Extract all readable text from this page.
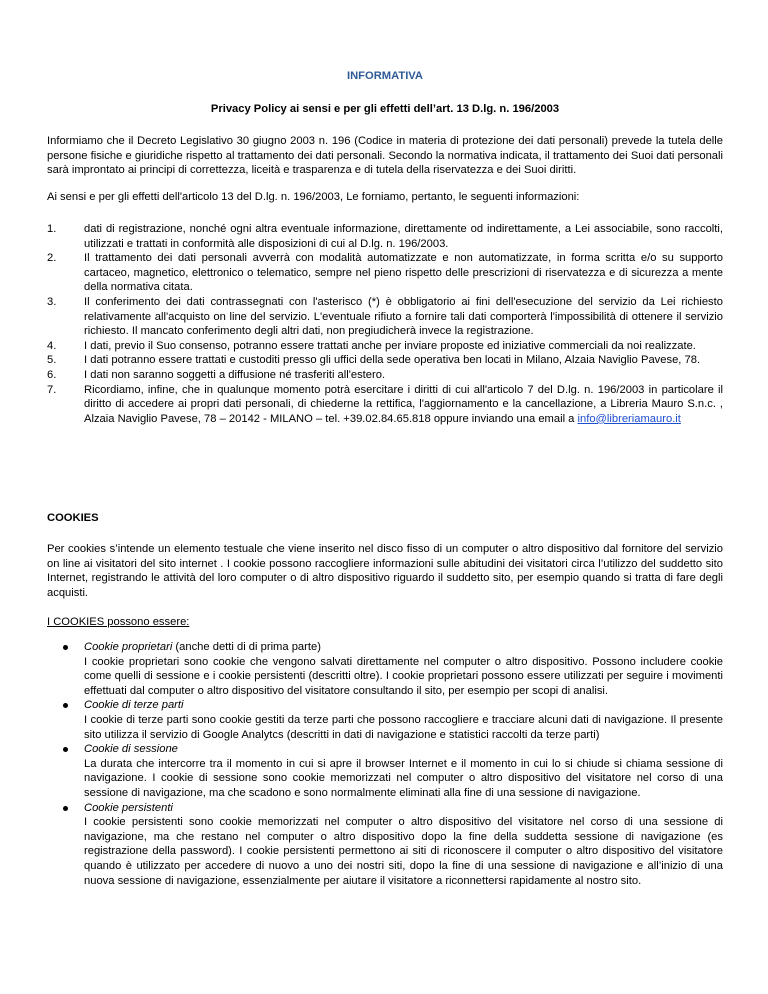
INFORMATIVA

Privacy Policy ai sensi e per gli effetti dell’art. 13 D.lg. n. 196/2003

Informiamo che il Decreto Legislativo 30 giugno 2003 n. 196 (Codice in materia di protezione dei dati personali) prevede la tutela delle persone fisiche e giuridiche rispetto al trattamento dei dati personali. Secondo la normativa indicata, il trattamento dei Suoi dati personali sarà improntato ai principi di correttezza, liceità e trasparenza e di tutela della riservatezza e dei Suoi diritti.

Ai sensi e per gli effetti dell'articolo 13 del D.lg. n. 196/2003, Le forniamo, pertanto, le seguenti informazioni:

1. dati di registrazione, nonché ogni altra eventuale informazione, direttamente od indirettamente, a Lei associabile, sono raccolti, utilizzati e trattati in conformità alle disposizioni di cui al D.lg. n. 196/2003.
2. Il trattamento dei dati personali avverrà con modalità automatizzate e non automatizzate, in forma scritta e/o su supporto cartaceo, magnetico, elettronico o telematico, sempre nel pieno rispetto delle prescrizioni di riservatezza e di sicurezza a mente della normativa citata.
3. Il conferimento dei dati contrassegnati con l'asterisco (*) è obbligatorio ai fini dell'esecuzione del servizio da Lei richiesto relativamente all'acquisto on line del servizio. L'eventuale rifiuto a fornire tali dati comporterà l'impossibilità di ottenere il servizio richiesto. Il mancato conferimento degli altri dati, non pregiudicherà invece la registrazione.
4. I dati, previo il Suo consenso, potranno essere trattati anche per inviare proposte ed iniziative commerciali da noi realizzate.
5. I dati potranno essere trattati e custoditi presso gli uffici della sede operativa ben locati in Milano, Alzaia Naviglio Pavese, 78.
6. I dati non saranno soggetti a diffusione né trasferiti all'estero.
7. Ricordiamo, infine, che in qualunque momento potrà esercitare i diritti di cui all'articolo 7 del D.lg. n. 196/2003 in particolare il diritto di accedere ai propri dati personali, di chiederne la rettifica, l'aggiornamento e la cancellazione, a Libreria Mauro S.n.c. , Alzaia Naviglio Pavese, 78 – 20142 - MILANO – tel. +39.02.84.65.818 oppure inviando una email a info@libreriamauro.it

COOKIES

Per cookies s’intende un elemento testuale che viene inserito nel disco fisso di un computer o altro dispositivo dal fornitore del servizio on line ai visitatori del sito internet . I cookie possono raccogliere informazioni sulle abitudini dei visitatori circa l’utilizzo del suddetto sito Internet, registrando le attività del loro computer o di altro dispositivo riguardo il suddetto sito, per esempio quando si tratta di fare degli acquisti.

I COOKIES possono essere:

Cookie proprietari (anche detti di di prima parte)
I cookie proprietari sono cookie che vengono salvati direttamente nel computer o altro dispositivo. Possono includere cookie come quelli di sessione e i cookie persistenti (descritti oltre). I cookie proprietari possono essere utilizzati per seguire i movimenti effettuati dal computer o altro dispositivo del visitatore consultando il sito, per esempio per scopi di analisi.
Cookie di terze parti
I cookie di terze parti sono cookie gestiti da terze parti che possono raccogliere e tracciare alcuni dati di navigazione. Il presente sito utilizza il servizio di Google Analytcs (descritti in dati di navigazione e statistici raccolti da terze parti)
Cookie di sessione
La durata che intercorre tra il momento in cui si apre il browser Internet e il momento in cui lo si chiude si chiama sessione di navigazione. I cookie di sessione sono cookie memorizzati nel computer o altro dispositivo del visitatore nel corso di una sessione di navigazione, ma che scadono e sono normalmente eliminati alla fine di una sessione di navigazione.
Cookie persistenti
I cookie persistenti sono cookie memorizzati nel computer o altro dispositivo del visitatore nel corso di una sessione di navigazione, ma che restano nel computer o altro dispositivo dopo la fine della suddetta sessione di navigazione (es registrazione della password). I cookie persistenti permettono ai siti di riconoscere il computer o altro dispositivo del visitatore quando è utilizzato per accedere di nuovo a uno dei nostri siti, dopo la fine di una sessione di navigazione e all’inizio di una nuova sessione di navigazione, essenzialmente per aiutare il visitatore a riconnettersi rapidamente al nostro sito.
